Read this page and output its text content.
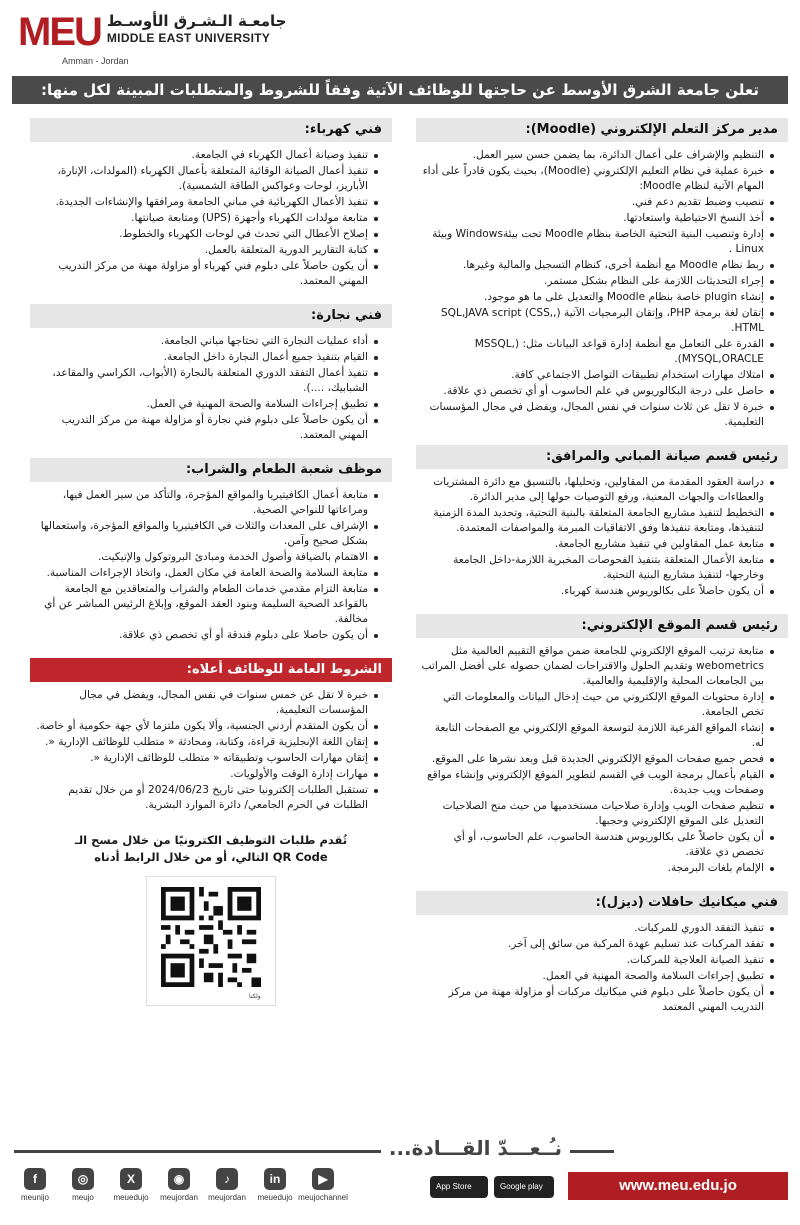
MEU جامعـة الـشـرق الأوسـط
MIDDLE EAST UNIVERSITY
Amman - Jordan
تعلن جامعة الشرق الأوسط عن حاجتها للوظائف الآتية وفقاً للشروط والمتطلبات المبينة لكل منها:
مدير مركز التعلم الإلكتروني (Moodle):
التنظيم والإشراف على أعمال الدائرة، بما يضمن حسن سير العمل.
خبرة عملية في نظام التعليم الإلكتروني (Moodle)، بحيث يكون قادراً على أداء المهام الآتية لنظام Moodle:
تنصيب وضبط تقديم دعم فني.
أخذ النسخ الاحتياطية واستعادتها.
إدارة وتنصيب البنية التحتية الخاصة بنظام Moodle تحت بيئةWindows وبيئة Linux .
ربط نظام Moodle مع أنظمة أخرى، كنظام التسجيل والمالية وغيرها.
إجراء التحديثات اللازمة على النظام بشكل مستمر.
إنشاء plugin خاصة بنظام Moodle والتعديل على ما هو موجود.
إتقان لغة برمجة PHP، وإتقان البرمجيات الآتية (,SQL,JAVA script (CSS, HTML.
القدرة على التعامل مع أنظمة إدارة قواعد البيانات مثل: (,MSSQL (MYSQL,ORACLE.
امتلاك مهارات استخدام تطبيقات التواصل الاجتماعي كافة.
حاصل على درجة البكالوريوس في علم الحاسوب أو أي تخصص ذي علاقة.
خبرة لا تقل عن ثلاث سنوات في نفس المجال، ويفضل في مجال المؤسسات التعليمية.
رئيس قسم صيانة المباني والمرافق:
دراسة العقود المقدمة من المقاولين، وتحليلها، بالتنسيق مع دائرة المشتريات والعطاءات والجهات المعنية، ورفع التوصيات حولها إلى مدير الدائرة.
التخطيط لتنفيذ مشاريع الجامعة المتعلقة بالبنية التحتية، وتحديد المدة الزمنية لتنفيذها، ومتابعة تنفيذها وفق الاتفاقيات المبرمة والمواصفات المعتمدة.
متابعة عمل المقاولين في تنفيذ مشاريع الجامعة.
متابعة الأعمال المتعلقة بتنفيذ الفحوصات المخبرية اللازمة-داخل الجامعة وخارجها- لتنفيذ مشاريع البنية التحتية.
أن يكون حاصلاً على بكالوريوس هندسة كهرباء.
رئيس قسم الموقع الإلكتروني:
متابعة ترتيب الموقع الإلكتروني للجامعة ضمن مواقع التقييم العالمية مثل webometrics وتقديم الحلول والاقتراحات لضمان حصوله على أفضل المراتب بين الجامعات المحلية والإقليمية والعالمية.
إدارة محتويات الموقع الإلكتروني من حيث إدخال البيانات والمعلومات التي تخص الجامعة.
إنشاء المواقع الفرعية اللازمة لتوسعة الموقع الإلكتروني مع الصفحات التابعة له.
فحص جميع صفحات الموقع الإلكتروني الجديدة قبل وبعد نشرها على الموقع.
القيام بأعمال برمجة الويب في القسم لتطوير الموقع الإلكتروني وإنشاء مواقع وصفحات ويب جديدة.
تنظيم صفحات الويب وإدارة صلاحيات مستخدميها من حيث منح الصلاحيات التعديل على الموقع الإلكتروني وحجبها.
أن يكون حاصلاً على بكالوريوس هندسة الحاسوب، علم الحاسوب، أو أي تخصص ذي علاقة.
الإلمام بلغات البرمجة.
فني ميكانيك حافلات (ديزل):
تنفيذ التفقد الدوري للمركبات.
تفقد المركبات عند تسليم عهدة المركبة من سائق إلى آخر.
تنفيذ الصيانة العلاجية للمركبات.
تطبيق إجراءات السلامة والصحة المهنية في العمل.
أن يكون حاصلاً على دبلوم فني ميكانيك مركبات أو مزاولة مهنة من مركز التدريب المهني المعتمد
فني كهرباء:
تنفيذ وصيانة أعمال الكهرباء في الجامعة.
تنفيذ أعمال الصيانة الوقائية المتعلقة بأعمال الكهرباء (المولدات، الإنارة، الأباريز، لوحات وعواكس الطاقة الشمسية).
تنفيذ الأعمال الكهربائية في مباني الجامعة ومرافقها والإنشاءات الجديدة.
متابعة مولدات الكهرباء وأجهزة (UPS) ومتابعة صيانتها.
إصلاح الأعطال التي تحدث في لوحات الكهرباء والخطوط.
كتابة التقارير الدورية المتعلقة بالعمل.
أن يكون حاصلاً على دبلوم فني كهرباء أو مزاولة مهنة من مركز التدريب المهني المعتمد.
فني نجارة:
أداء عمليات النجارة التي تحتاجها مباني الجامعة.
القيام بتنفيذ جميع أعمال النجارة داخل الجامعة.
تنفيذ أعمال التفقد الدوري المتعلقة بالنجارة (الأبواب، الكراسي والمقاعد، الشبابيك، ....).
تطبيق إجراءات السلامة والصحة المهنية في العمل.
أن يكون حاصلاً على دبلوم فني نجارة أو مزاولة مهنة من مركز التدريب المهني المعتمد.
موظف شعبة الطعام والشراب:
متابعة أعمال الكافيتيريا والمواقع المؤجرة، والتأكد من سير العمل فيها، ومراعاتها للنواحي الصحية.
الإشراف على المعدات والثلات في الكافيتيريا والمواقع المؤجرة، واستعمالها بشكل صحيح وآمن.
الاهتمام بالضيافة وأصول الخدمة ومبادئ البروتوكول والإتيكيت.
متابعة السلامة والصحة العامة في مكان العمل، واتخاذ الإجراءات المناسبة.
متابعة التزام مقدمي خدمات الطعام والشراب والمتعاقدين مع الجامعة بالقواعد الصحية السليمة وبنود العقد الموقع، وإبلاغ الرئيس المباشر عن أي مخالفة.
أن يكون حاصلا على دبلوم فندقة أو أي تخصص ذي علاقة.
الشروط العامة للوظائف أعلاه:
خبرة لا تقل عن خمس سنوات في نفس المجال، ويفضل في مجال المؤسسات التعليمية.
أن يكون المتقدم أردني الجنسية، وألا يكون ملتزما لأي جهة حكومية أو خاصة.
إتقان اللغة الإنجليزية قراءة، وكتابة، ومحادثة « متطلب للوظائف الإدارية «.
إتقان مهارات الحاسوب وتطبيقاته « متطلب للوظائف الإدارية «.
مهارات إدارة الوقت والأولويات.
تستقبل الطلبات إلكترونيا حتى تاريخ 2024/06/23 أو من خلال تقديم الطلبات في الحرم الجامعي/ دائرة الموارد البشرية.
تُقدم طلبات التوظيف الكترونيًا من خلال مسح الـ QR Code التالي، أو من خلال الرابط أدناه
ولكنا
نـُـعـــدّ القـــادة...
f
meunijo
◎
meujo
X
meuedujo
◉
meujordan
♪
meujordan
in
meuedujo
▶
meujochannel
App Store	Google play	www.meu.edu.jo
